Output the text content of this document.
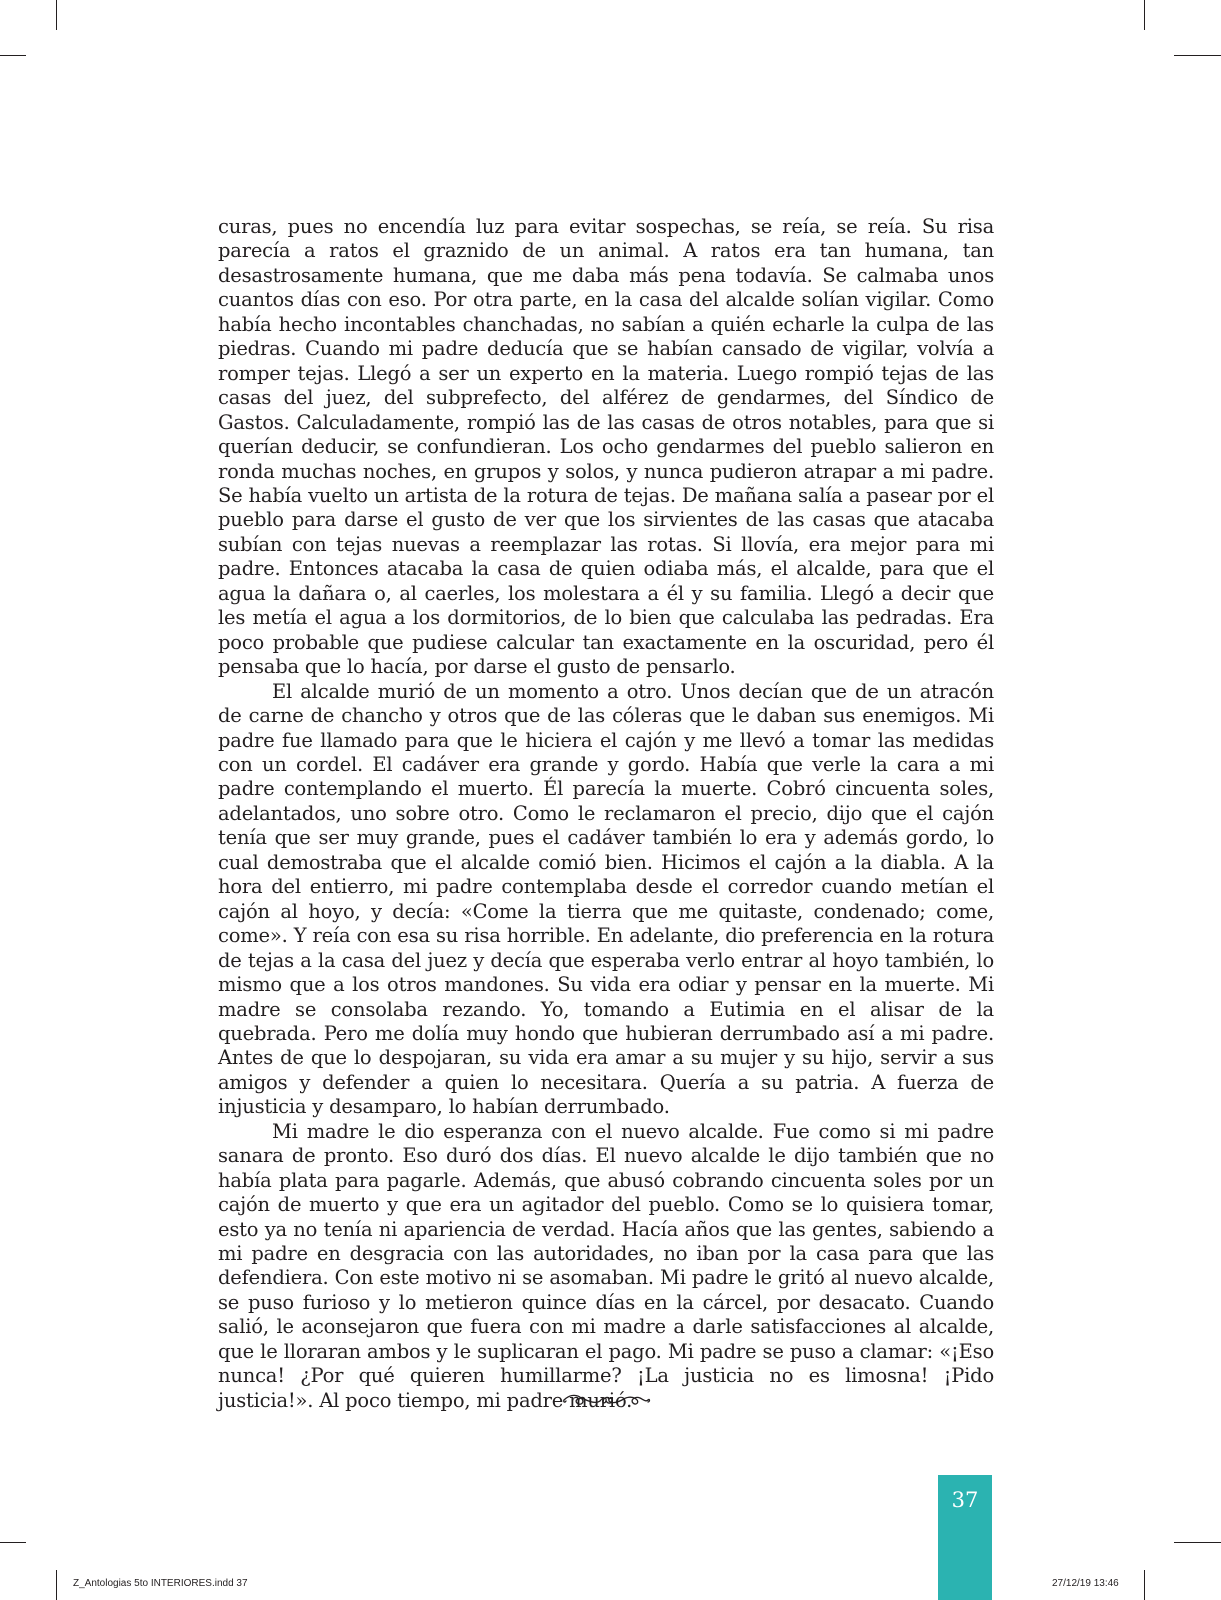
curas, pues no encendía luz para evitar sospechas, se reía, se reía. Su risa parecía a ratos el graznido de un animal. A ratos era tan humana, tan desastrosamente humana, que me daba más pena todavía. Se calmaba unos cuantos días con eso. Por otra parte, en la casa del alcalde solían vigilar. Como había hecho incontables chanchadas, no sabían a quién echarle la culpa de las piedras. Cuando mi padre deducía que se habían cansado de vigilar, volvía a romper tejas. Llegó a ser un experto en la materia. Luego rompió tejas de las casas del juez, del subprefecto, del alférez de gendarmes, del Síndico de Gastos. Calculadamente, rompió las de las casas de otros notables, para que si querían deducir, se confundieran. Los ocho gendarmes del pueblo salieron en ronda muchas noches, en grupos y solos, y nunca pudieron atrapar a mi padre. Se había vuelto un artista de la rotura de tejas. De mañana salía a pasear por el pueblo para darse el gusto de ver que los sirvientes de las casas que atacaba subían con tejas nuevas a reemplazar las rotas. Si llovía, era mejor para mi padre. Entonces atacaba la casa de quien odiaba más, el alcalde, para que el agua la dañara o, al caerles, los molestara a él y su familia. Llegó a decir que les metía el agua a los dormitorios, de lo bien que calculaba las pedradas. Era poco probable que pudiese calcular tan exactamente en la oscuridad, pero él pensaba que lo hacía, por darse el gusto de pensarlo.

El alcalde murió de un momento a otro. Unos decían que de un atracón de carne de chancho y otros que de las cóleras que le daban sus enemigos. Mi padre fue llamado para que le hiciera el cajón y me llevó a tomar las medidas con un cordel. El cadáver era grande y gordo. Había que verle la cara a mi padre contemplando el muerto. Él parecía la muerte. Cobró cincuenta soles, adelantados, uno sobre otro. Como le reclamaron el precio, dijo que el cajón tenía que ser muy grande, pues el cadáver también lo era y además gordo, lo cual demostraba que el alcalde comió bien. Hicimos el cajón a la diabla. A la hora del entierro, mi padre contemplaba desde el corredor cuando metían el cajón al hoyo, y decía: «Come la tierra que me quitaste, condenado; come, come». Y reía con esa su risa horrible. En adelante, dio preferencia en la rotura de tejas a la casa del juez y decía que esperaba verlo entrar al hoyo también, lo mismo que a los otros mandones. Su vida era odiar y pensar en la muerte. Mi madre se consolaba rezando. Yo, tomando a Eutimia en el alisar de la quebrada. Pero me dolía muy hondo que hubieran derrumbado así a mi padre. Antes de que lo despojaran, su vida era amar a su mujer y su hijo, servir a sus amigos y defender a quien lo necesitara. Quería a su patria. A fuerza de injusticia y desamparo, lo habían derrumbado.

Mi madre le dio esperanza con el nuevo alcalde. Fue como si mi padre sanara de pronto. Eso duró dos días. El nuevo alcalde le dijo también que no había plata para pagarle. Además, que abusó cobrando cincuenta soles por un cajón de muerto y que era un agitador del pueblo. Como se lo quisiera tomar, esto ya no tenía ni apariencia de verdad. Hacía años que las gentes, sabiendo a mi padre en desgracia con las autoridades, no iban por la casa para que las defendiera. Con este motivo ni se asomaban. Mi padre le gritó al nuevo alcalde, se puso furioso y lo metieron quince días en la cárcel, por desacato. Cuando salió, le aconsejaron que fuera con mi madre a darle satisfacciones al alcalde, que le lloraran ambos y le suplicaran el pago. Mi padre se puso a clamar: «¡Eso nunca! ¿Por qué quieren humillarme? ¡La justicia no es limosna! ¡Pido justicia!». Al poco tiempo, mi padre murió.

37
Z_Antologias 5to INTERIORES.indd 37	27/12/19 13:46
